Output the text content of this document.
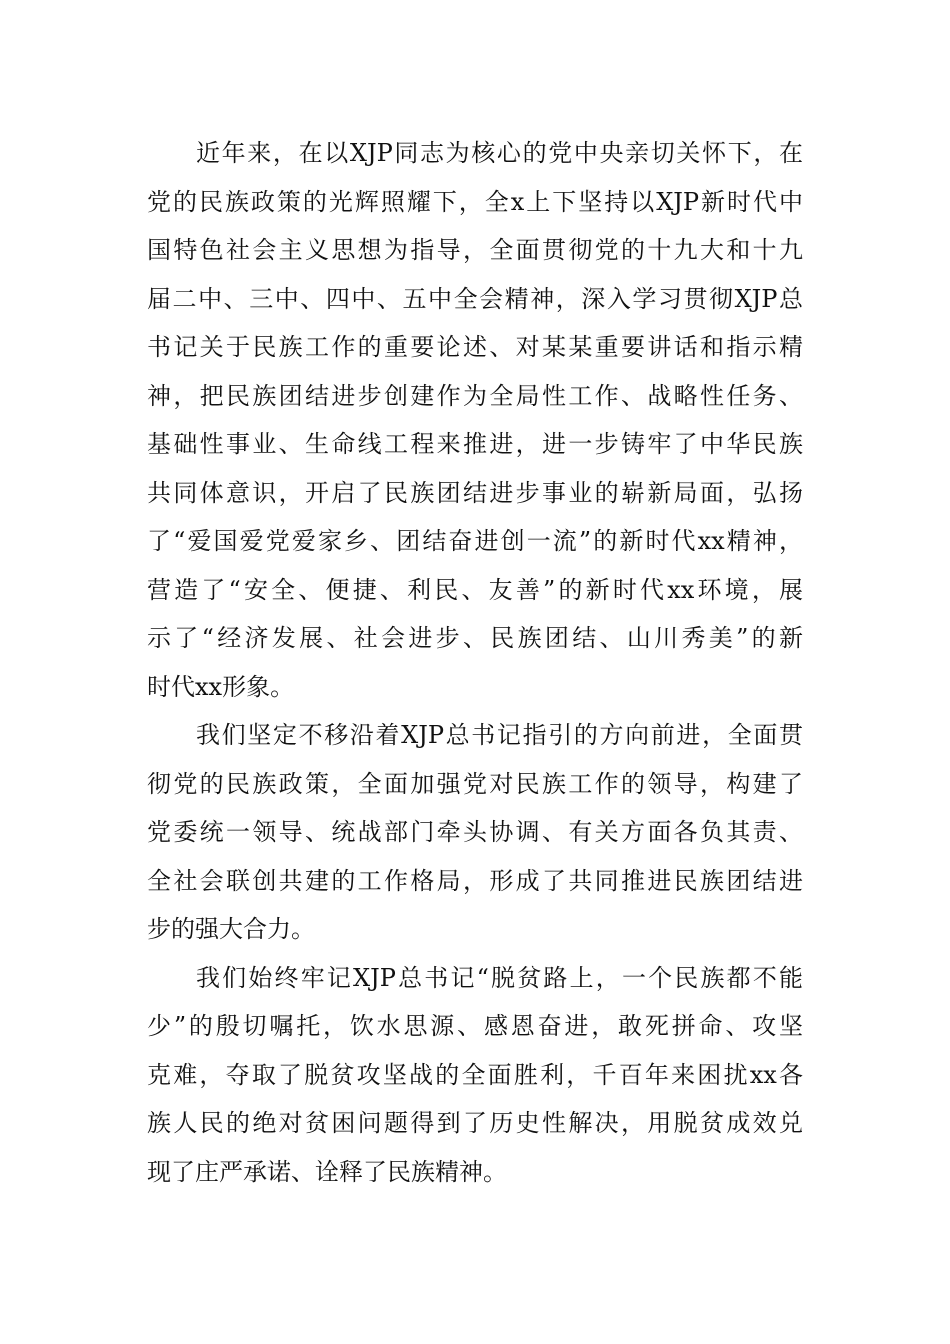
近年来，在以XJP同志为核心的党中央亲切关怀下，在
党的民族政策的光辉照耀下，全x上下坚持以XJP新时代中
国特色社会主义思想为指导，全面贯彻党的十九大和十九
届二中、三中、四中、五中全会精神，深入学习贯彻XJP总
书记关于民族工作的重要论述、对某某重要讲话和指示精
神，把民族团结进步创建作为全局性工作、战略性任务、
基础性事业、生命线工程来推进，进一步铸牢了中华民族
共同体意识，开启了民族团结进步事业的崭新局面，弘扬
了“爱国爱党爱家乡、团结奋进创一流”的新时代xx精神，
营造了“安全、便捷、利民、友善”的新时代xx环境，展
示了“经济发展、社会进步、民族团结、山川秀美”的新
时代xx形象。
我们坚定不移沿着XJP总书记指引的方向前进，全面贯
彻党的民族政策，全面加强党对民族工作的领导，构建了
党委统一领导、统战部门牵头协调、有关方面各负其责、
全社会联创共建的工作格局，形成了共同推进民族团结进
步的强大合力。
我们始终牢记XJP总书记“脱贫路上，一个民族都不能
少”的殷切嘱托，饮水思源、感恩奋进，敢死拼命、攻坚
克难，夺取了脱贫攻坚战的全面胜利，千百年来困扰xx各
族人民的绝对贫困问题得到了历史性解决，用脱贫成效兑
现了庄严承诺、诠释了民族精神。
